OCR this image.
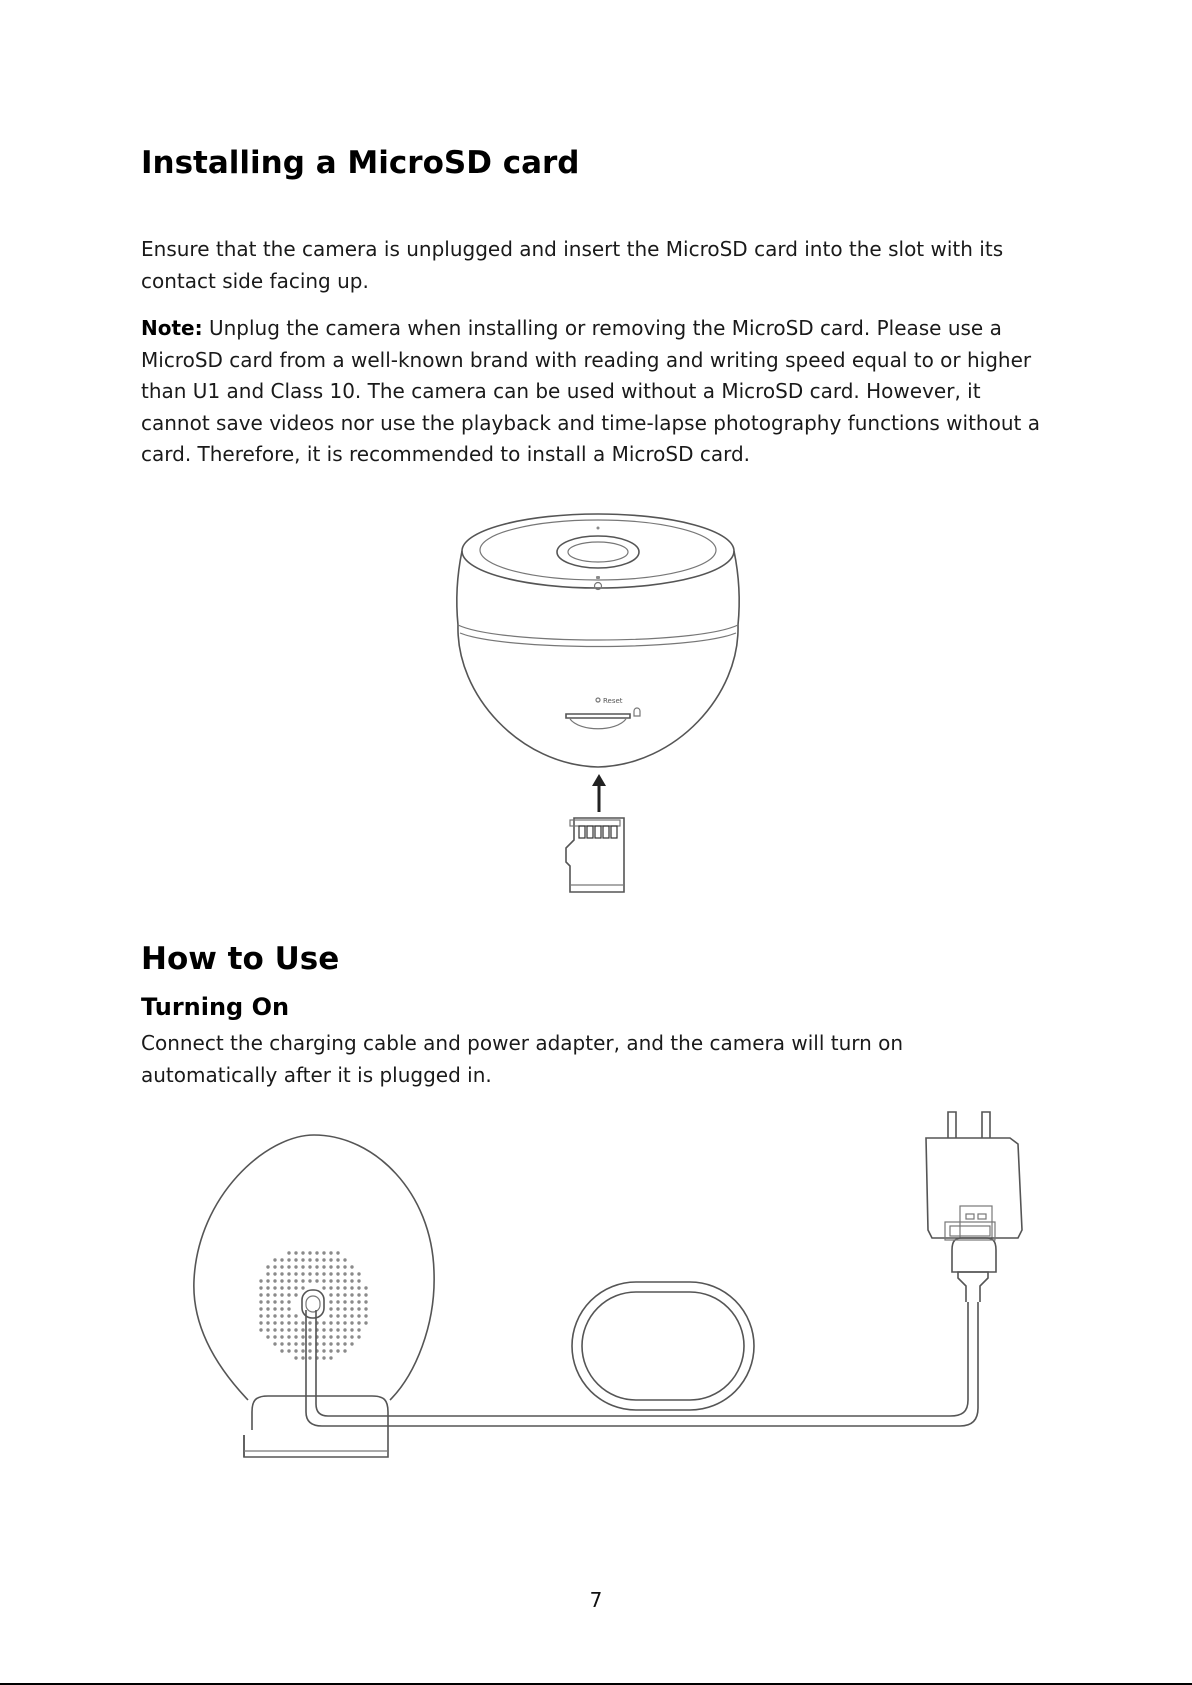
Installing a MicroSD card

Ensure that the camera is unplugged and insert the MicroSD card into the slot with its contact side facing up.

Note: Unplug the camera when installing or removing the MicroSD card. Please use a MicroSD card from a well-known brand with reading and writing speed equal to or higher than U1 and Class 10. The camera can be used without a MicroSD card. However, it cannot save videos nor use the playback and time-lapse photography functions without a card. Therefore, it is recommended to install a MicroSD card.

Reset
How to Use
Turning On

Connect the charging cable and power adapter, and the camera will turn on automatically after it is plugged in.

7
